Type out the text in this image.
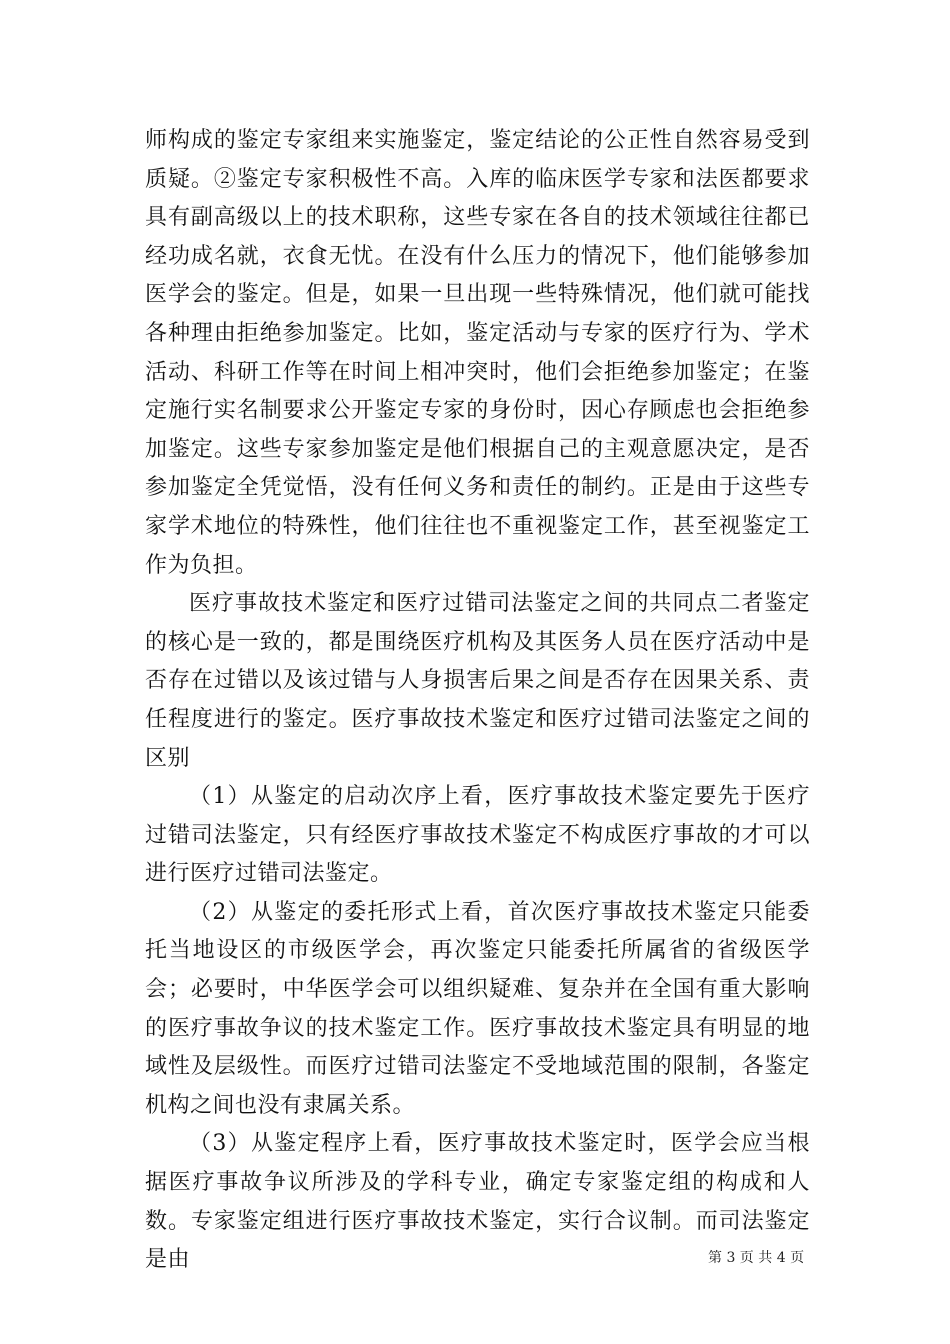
师构成的鉴定专家组来实施鉴定，鉴定结论的公正性自然容易受到质疑。②鉴定专家积极性不高。入库的临床医学专家和法医都要求具有副高级以上的技术职称，这些专家在各自的技术领域往往都已经功成名就，衣食无忧。在没有什么压力的情况下，他们能够参加医学会的鉴定。但是，如果一旦出现一些特殊情况，他们就可能找各种理由拒绝参加鉴定。比如，鉴定活动与专家的医疗行为、学术活动、科研工作等在时间上相冲突时，他们会拒绝参加鉴定；在鉴定施行实名制要求公开鉴定专家的身份时，因心存顾虑也会拒绝参加鉴定。这些专家参加鉴定是他们根据自己的主观意愿决定，是否参加鉴定全凭觉悟，没有任何义务和责任的制约。正是由于这些专家学术地位的特殊性，他们往往也不重视鉴定工作，甚至视鉴定工作为负担。

医疗事故技术鉴定和医疗过错司法鉴定之间的共同点二者鉴定的核心是一致的，都是围绕医疗机构及其医务人员在医疗活动中是否存在过错以及该过错与人身损害后果之间是否存在因果关系、责任程度进行的鉴定。医疗事故技术鉴定和医疗过错司法鉴定之间的区别

（1）从鉴定的启动次序上看，医疗事故技术鉴定要先于医疗过错司法鉴定，只有经医疗事故技术鉴定不构成医疗事故的才可以进行医疗过错司法鉴定。

（2）从鉴定的委托形式上看，首次医疗事故技术鉴定只能委托当地设区的市级医学会，再次鉴定只能委托所属省的省级医学会；必要时，中华医学会可以组织疑难、复杂并在全国有重大影响的医疗事故争议的技术鉴定工作。医疗事故技术鉴定具有明显的地域性及层级性。而医疗过错司法鉴定不受地域范围的限制，各鉴定机构之间也没有隶属关系。

（3）从鉴定程序上看，医疗事故技术鉴定时，医学会应当根据医疗事故争议所涉及的学科专业，确定专家鉴定组的构成和人数。专家鉴定组进行医疗事故技术鉴定，实行合议制。而司法鉴定是由	第 3 页 共 4 页
